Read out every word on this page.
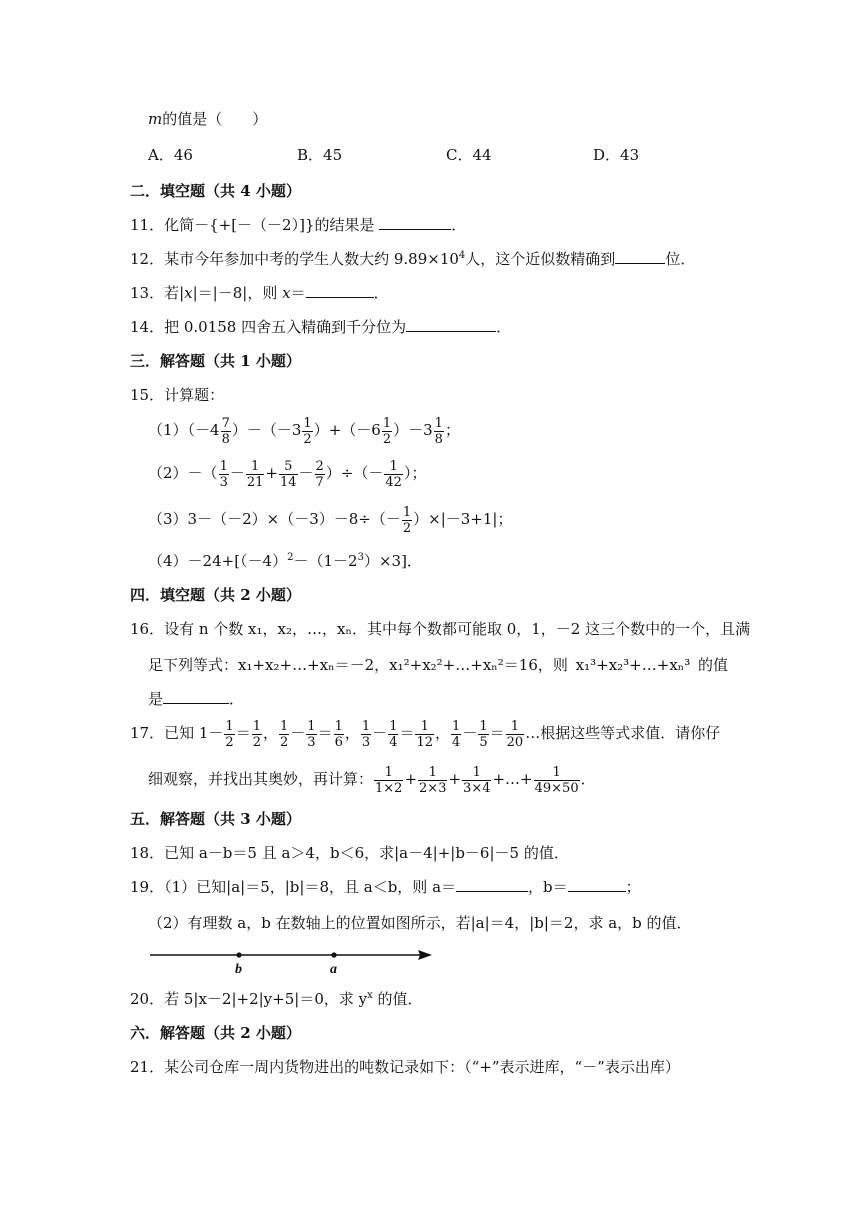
m的值是（　　）
A．46	B．45	C．44	D．43
二．填空题（共 4 小题）
11．化简－{+[－（－2）]}的结果是	．
12．某市今年参加中考的学生人数大约 $9.89\times 10^4$人，这个近似数精确到	位．
13．若|x|＝|－8|，则 x＝	．
14．把 0.0158 四舍五入精确到千分位为	．
三．解答题（共 1 小题）
15．计算题：
$(1)(-4 \frac{7}{8} )-(-3 \frac{1}{2} )+(-6 \frac{1}{2} )-3 \frac{1}{8}$ ；
$(2)-( \frac{1}{3} - \frac{1}{21} + \frac{5}{14} - \frac{2}{7}$ ）÷（－ $\frac{1}{42}$ ）；
$(3)3-(-2)\times(-3)-8\div(- \frac{1}{2} )\times|-3+1|$；
$(4)-24+[(-4)^2-(1-2^3)\times 3]$．
四．填空题（共 2 小题）
16．设有 n 个数 x₁，x₂，…，xₙ．其中每个数都可能取 0，1，－2 这三个数中的一个，且满
足下列等式：x₁+x₂+…+xₙ＝－2，x₁²+x₂²+…+xₙ²＝16，则 x₁³+x₂³+…+xₙ³ 的值
是	．
17．已知 $1- \frac{1}{2} = \frac{1}{2}$ ， $\frac{1}{2} - \frac{1}{3} = \frac{1}{6}$ ， $\frac{1}{3} - \frac{1}{4} = \frac{1}{12}$ ， $\frac{1}{4} - \frac{1}{5} = \frac{1}{20}$ …根据这些等式求值．请你仔
细观察，并找出其奥妙，再计算： $\frac{1}{1\times 2} + \frac{1}{2\times 3} + \frac{1}{3\times 4}$ +…+ $\frac{1}{49\times 50}$ ．
五．解答题（共 3 小题）
18．已知 a－b＝5 且 a＞4，b＜6，求|a－4|+|b－6|－5 的值．
19．（1）已知|a|＝5，|b|＝8，且 a＜b，则 a＝	，b＝	；
（2）有理数 a，b 在数轴上的位置如图所示，若|a|＝4，|b|＝2，求 a，b 的值．
b	a
20．若 5|x－2|+2|y+5|＝0，求 $y^x$ 的值．
六．解答题（共 2 小题）
21．某公司仓库一周内货物进出的吨数记录如下：（“+”表示进库，“－”表示出库）
